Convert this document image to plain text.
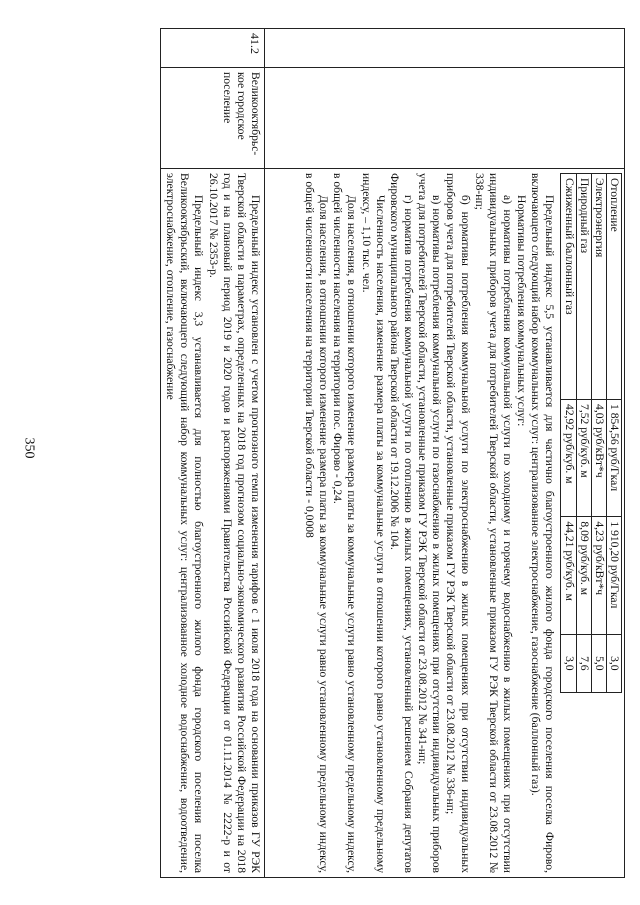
350

Отопление	1 854,56 руб/Гкал	1 910,20 руб/Гкал	3,0
Электроэнергия	4,03 руб/кВт*ч	4,23 руб/кВт*ч	5,0
Природный газ	7,52 руб/куб. м	8,09 руб/куб. м	7,6
Сжиженный баллонный газ	42,92 руб/куб. м	44,21 руб/куб. м	3,0

Предельный индекс 5,5 устанавливается для частично благоустроенного жилого фонда городского поселения поселка Фирово, включающего следующий набор коммунальных услуг: централизованное электроснабжение, газоснабжение (баллонный газ).

Нормативы потребления коммунальных услуг:

а) нормативы потребления коммунальной услуги по холодному и горячему водоснабжению в жилых помещениях при отсутствии индивидуальных приборов учета для потребителей Тверской области, установленные приказом ГУ РЭК Тверской области от 23.08.2012 № 338-нп;

б) нормативы потребления коммунальной услуги по электроснабжению в жилых помещениях при отсутствии индивидуальных приборов учета для потребителей Тверской области, установленные приказом ГУ РЭК Тверской области от 23.08.2012 № 336-нп;

в) нормативы потребления коммунальной услуги по газоснабжению в жилых помещениях при отсутствии индивидуальных приборов учета для потребителей Тверской области, установленные приказом ГУ РЭК Тверской области от 23.08.2012 № 341-нп;

г) норматив потребления коммунальной услуги по отоплению в жилых помещениях, установленный решением Собрания депутатов Фировского муниципального района Тверской области от 19.12.2006 № 104.

Численность населения, изменение размера платы за коммунальные услуги в отношении которого равно установленному предельному индексу, – 1,10 тыс. чел.

Доля населения, в отношении которого изменение размера платы за коммунальные услуги равно установленному предельному индексу, в общей численности населения на территории пос. Фирово - 0,24.

Доля населения, в отношении которого изменение размера платы за коммунальные услуги равно установленному предельному индексу, в общей численности населения на территории Тверской области - 0,0008

41.2	Великооктябрьс-кое городское поселение	

Предельный индекс установлен с учетом прогнозного темпа изменения тарифов с 1 июля 2018 года на основании приказов ГУ РЭК Тверской области в параметрах, определенных на 2018 год прогнозом социально-экономического развития Российской Федерации на 2018 год и на плановый период 2019 и 2020 годов и распоряжениями Правительства Российской Федерации от 01.11.2014 № 2222-р и от 26.10.2017 № 2353-р.

Предельный индекс 3,3 устанавливается для полностью благоустроенного жилого фонда городского поселения поселка Великооктябрьский, включающего следующий набор коммунальных услуг: централизованное холодное водоснабжение, водоотведение, электроснабжение, отопление, газоснабжение
